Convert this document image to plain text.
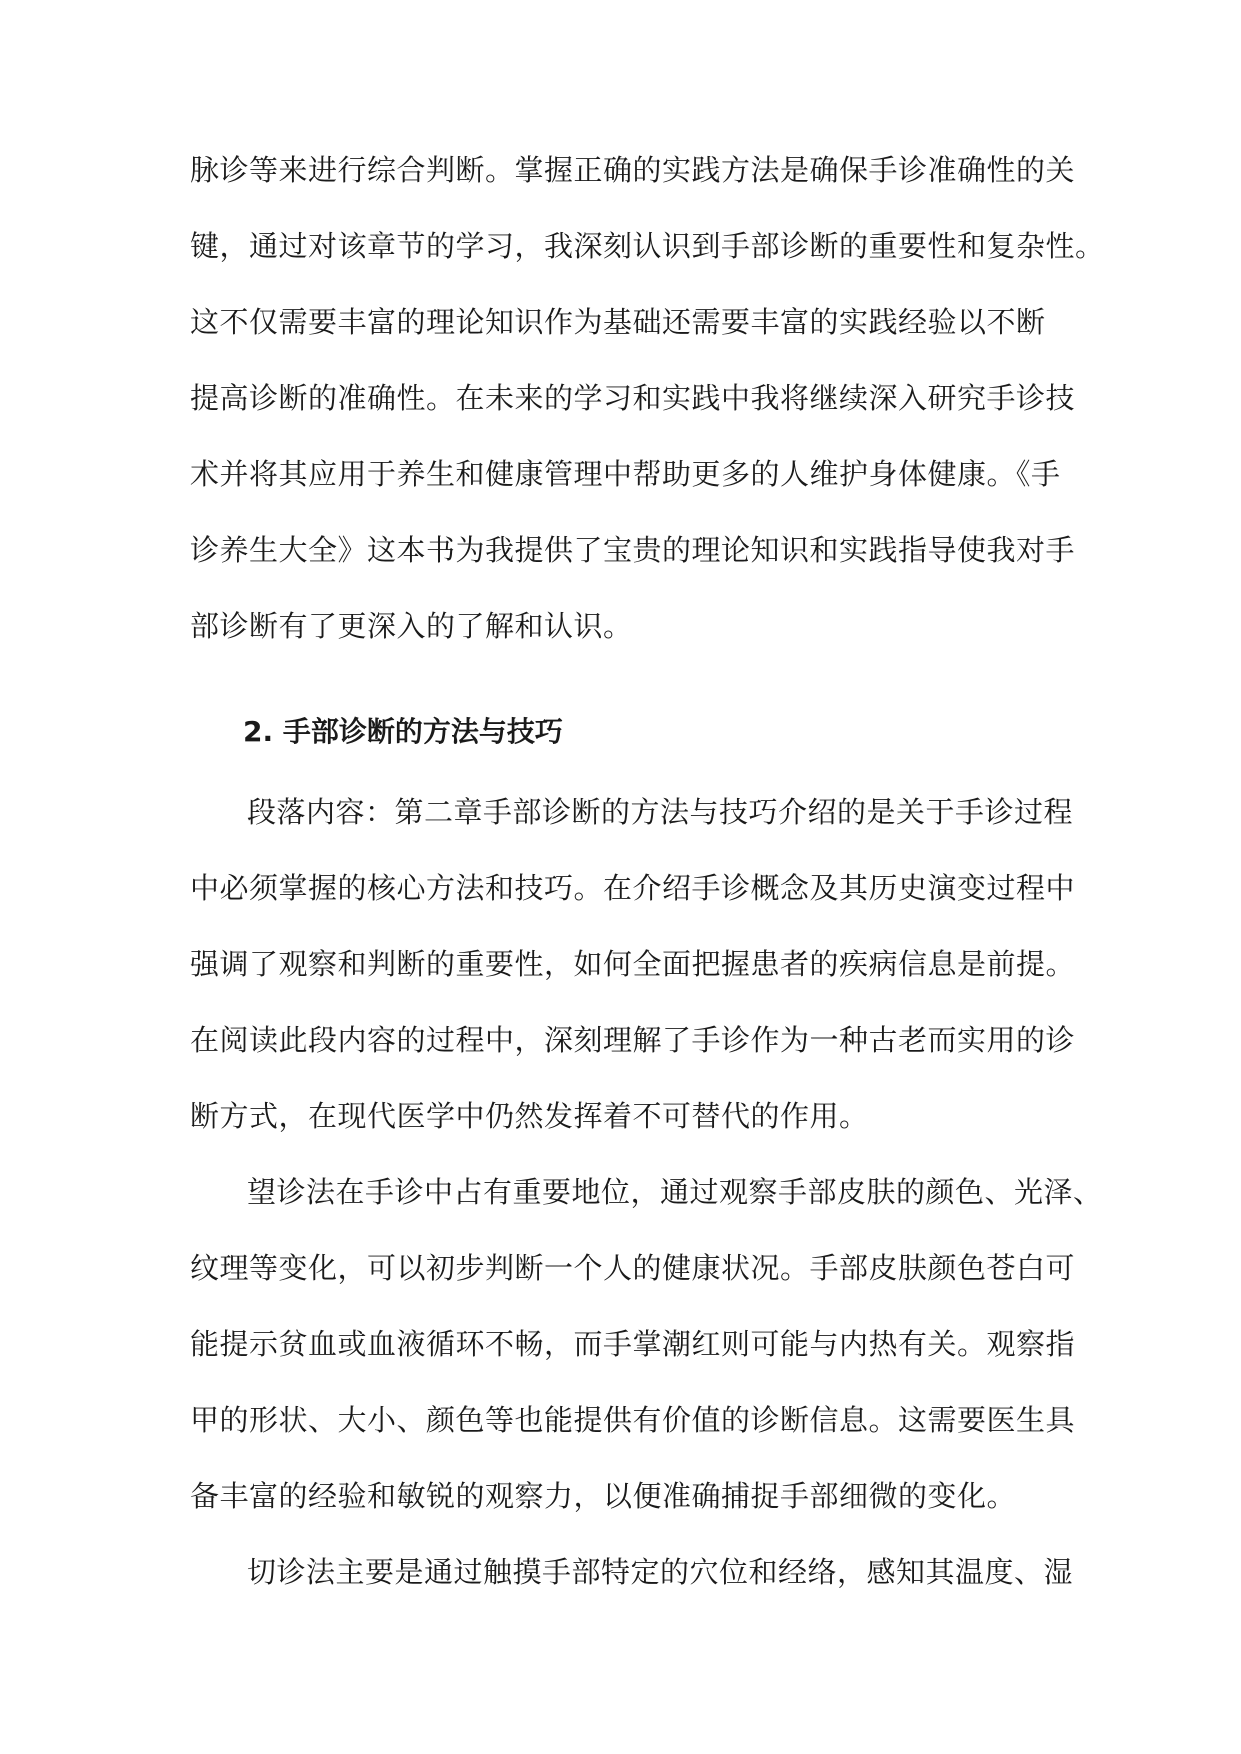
脉诊等来进行综合判断。掌握正确的实践方法是确保手诊准确性的关
键，通过对该章节的学习，我深刻认识到手部诊断的重要性和复杂性。
这不仅需要丰富的理论知识作为基础还需要丰富的实践经验以不断
提高诊断的准确性。在未来的学习和实践中我将继续深入研究手诊技
术并将其应用于养生和健康管理中帮助更多的人维护身体健康。《手
诊养生大全》这本书为我提供了宝贵的理论知识和实践指导使我对手
部诊断有了更深入的了解和认识。
2. 手部诊断的方法与技巧
段落内容：第二章手部诊断的方法与技巧介绍的是关于手诊过程
中必须掌握的核心方法和技巧。在介绍手诊概念及其历史演变过程中
强调了观察和判断的重要性，如何全面把握患者的疾病信息是前提。
在阅读此段内容的过程中，深刻理解了手诊作为一种古老而实用的诊
断方式，在现代医学中仍然发挥着不可替代的作用。
望诊法在手诊中占有重要地位，通过观察手部皮肤的颜色、光泽、
纹理等变化，可以初步判断一个人的健康状况。手部皮肤颜色苍白可
能提示贫血或血液循环不畅，而手掌潮红则可能与内热有关。观察指
甲的形状、大小、颜色等也能提供有价值的诊断信息。这需要医生具
备丰富的经验和敏锐的观察力，以便准确捕捉手部细微的变化。
切诊法主要是通过触摸手部特定的穴位和经络，感知其温度、湿
